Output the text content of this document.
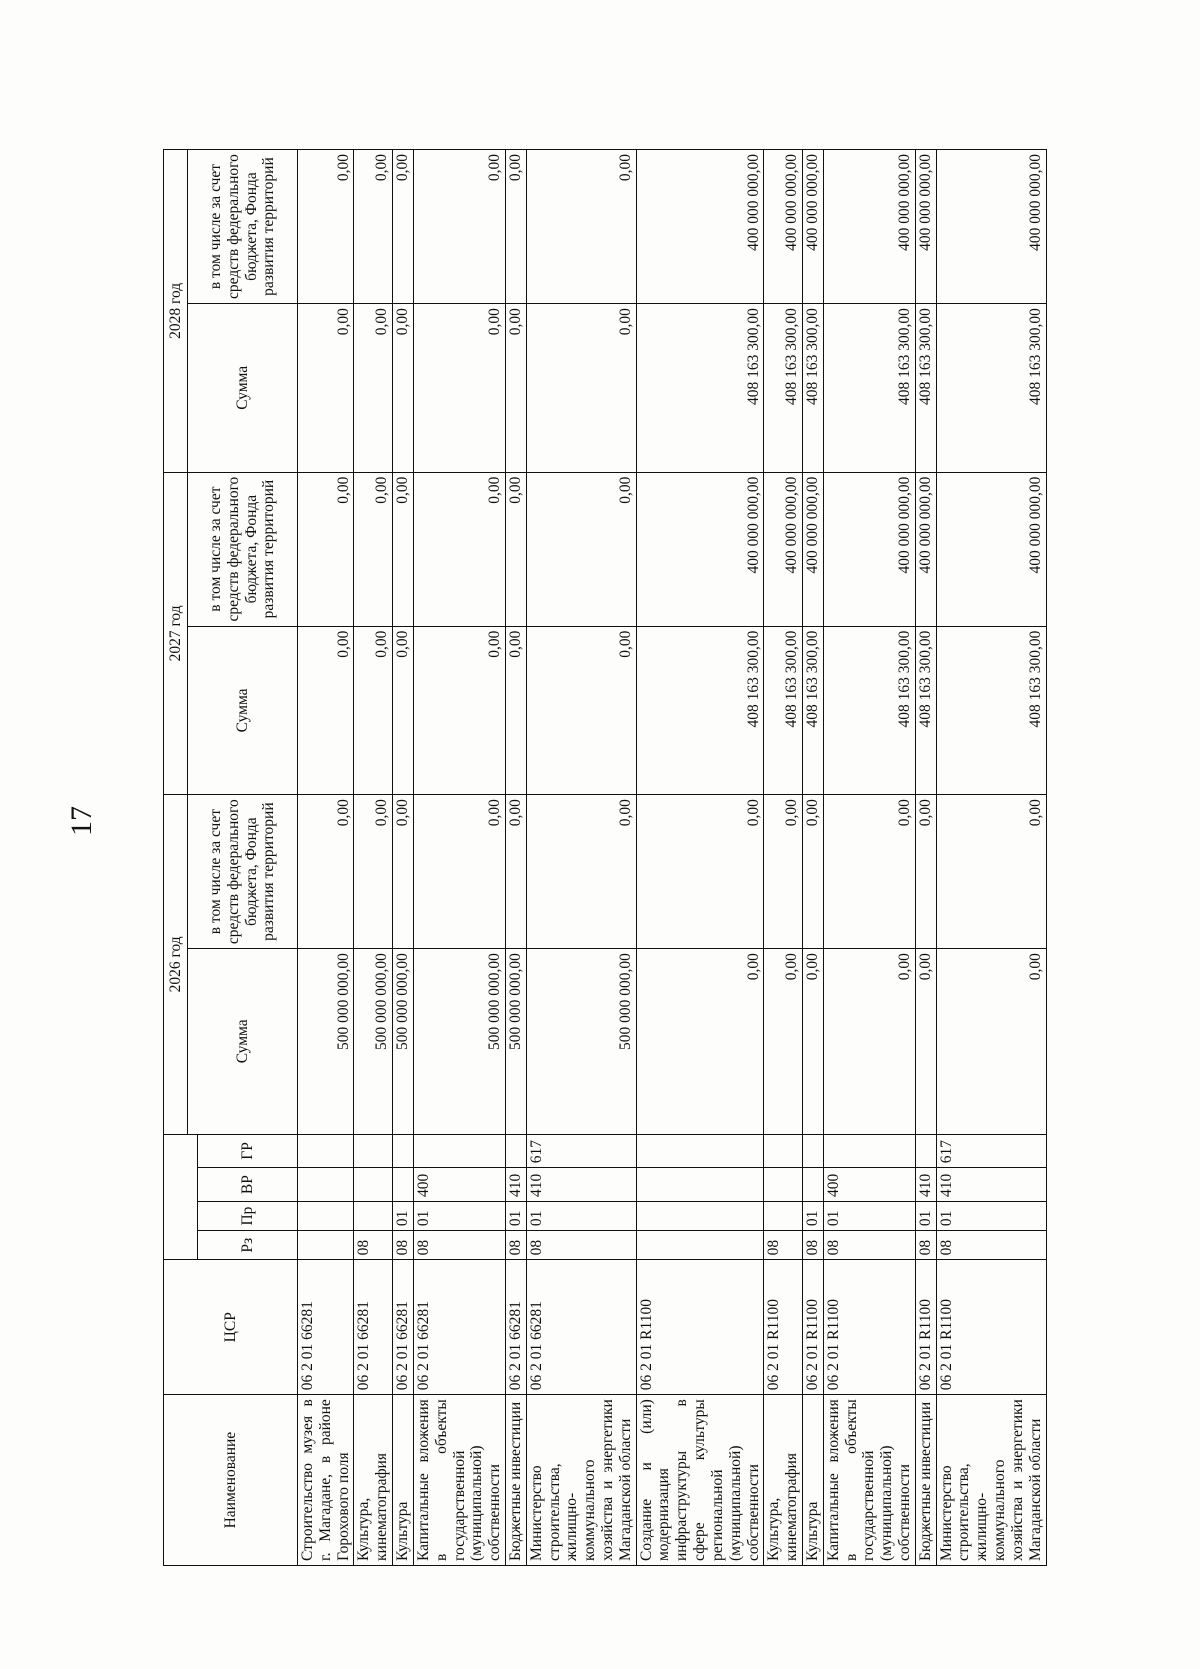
17
Наименование	ЦСР					2026 год		2027 год		2028 год	
						Сумма	в том числе за счет средств федерального бюджета, Фонда развития территорий	Сумма	в том числе за счет средств федерального бюджета, Фонда развития территорий	Сумма	в том числе за счет средств федерального бюджета, Фонда развития территорий
		Рз	Пр	ВР	ГР						
Строительство музея в г. Магадане, в районе Горохового поля	06 2 01 66281					500 000 000,00	0,00	0,00	0,00	0,00	0,00
Культура, кинематография	06 2 01 66281	08				500 000 000,00	0,00	0,00	0,00	0,00	0,00
Культура	06 2 01 66281	08	01			500 000 000,00	0,00	0,00	0,00	0,00	0,00
Капитальные вложения в объекты государственной (муниципальной) собственности	06 2 01 66281	08	01	400		500 000 000,00	0,00	0,00	0,00	0,00	0,00
Бюджетные инвестиции	06 2 01 66281	08	01	410		500 000 000,00	0,00	0,00	0,00	0,00	0,00
Министерство строительства, жилищно-коммунального хозяйства и энергетики Магаданской области	06 2 01 66281	08	01	410	617	500 000 000,00	0,00	0,00	0,00	0,00	0,00
Создание и (или) модернизация инфраструктуры в сфере культуры региональной (муниципальной) собственности	06 2 01 R1100					0,00	0,00	408 163 300,00	400 000 000,00	408 163 300,00	400 000 000,00
Культура, кинематография	06 2 01 R1100	08				0,00	0,00	408 163 300,00	400 000 000,00	408 163 300,00	400 000 000,00
Культура	06 2 01 R1100	08	01			0,00	0,00	408 163 300,00	400 000 000,00	408 163 300,00	400 000 000,00
Капитальные вложения в объекты государственной (муниципальной) собственности	06 2 01 R1100	08	01	400		0,00	0,00	408 163 300,00	400 000 000,00	408 163 300,00	400 000 000,00
Бюджетные инвестиции	06 2 01 R1100	08	01	410		0,00	0,00	408 163 300,00	400 000 000,00	408 163 300,00	400 000 000,00
Министерство строительства, жилищно-коммунального хозяйства и энергетики Магаданской области	06 2 01 R1100	08	01	410	617	0,00	0,00	408 163 300,00	400 000 000,00	408 163 300,00	400 000 000,00
